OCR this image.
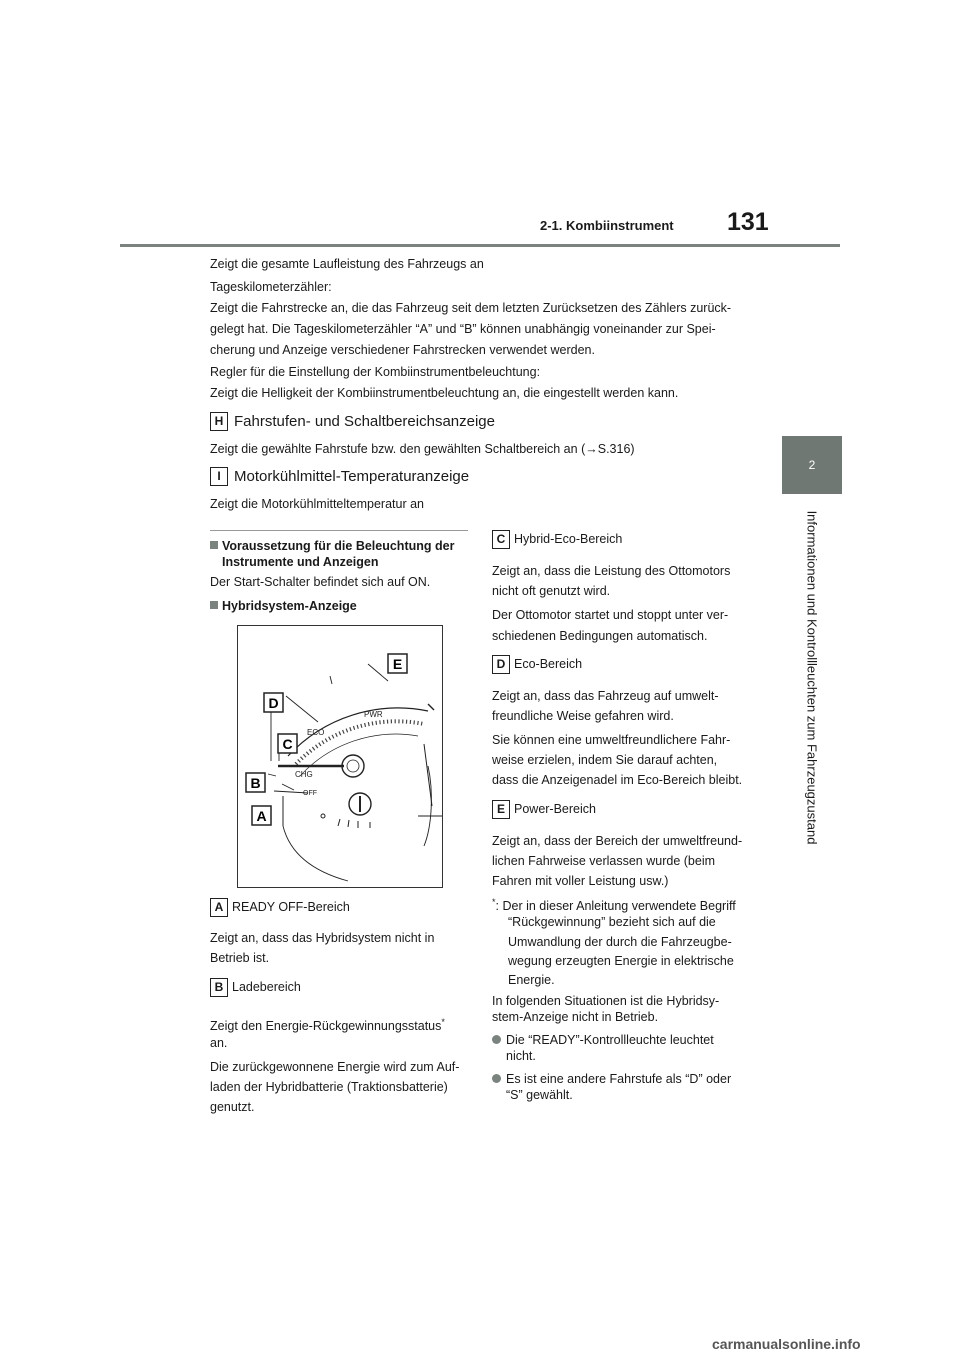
2-1. Kombiinstrument 131
2
Informationen und Kontrollleuchten zum Fahrzeugzustand

Zeigt die gesamte Laufleistung des Fahrzeugs an

Tageskilometerzähler:

Zeigt die Fahrstrecke an, die das Fahrzeug seit dem letzten Zurücksetzen des Zählers zurück-

gelegt hat. Die Tageskilometerzähler “A” und “B” können unabhängig voneinander zur Spei-

cherung und Anzeige verschiedener Fahrstrecken verwendet werden.

Regler für die Einstellung der Kombiinstrumentbeleuchtung:

Zeigt die Helligkeit der Kombiinstrumentbeleuchtung an, die eingestellt werden kann.

H Fahrstufen- und Schaltbereichsanzeige

Zeigt die gewählte Fahrstufe bzw. den gewählten Schaltbereich an (→S.316)

I Motorkühlmittel-Temperaturanzeige

Zeigt die Motorkühlmitteltemperatur an

Voraussetzung für die Beleuchtung der
Instrumente und Anzeigen

Der Start-Schalter befindet sich auf ON.

Hybridsystem-Anzeige
ECO
PWR
CHG
OFF
E
D
C
B
A
A READY OFF-Bereich

Zeigt an, dass das Hybridsystem nicht in

Betrieb ist.

B Ladebereich

Zeigt den Energie-Rückgewinnungsstatus*

an.

Die zurückgewonnene Energie wird zum Auf-

laden der Hybridbatterie (Traktionsbatterie)

genutzt.

C Hybrid-Eco-Bereich

Zeigt an, dass die Leistung des Ottomotors

nicht oft genutzt wird.

Der Ottomotor startet und stoppt unter ver-

schiedenen Bedingungen automatisch.

D Eco-Bereich

Zeigt an, dass das Fahrzeug auf umwelt-

freundliche Weise gefahren wird.

Sie können eine umweltfreundlichere Fahr-

weise erzielen, indem Sie darauf achten,

dass die Anzeigenadel im Eco-Bereich bleibt.

E Power-Bereich

Zeigt an, dass der Bereich der umweltfreund-

lichen Fahrweise verlassen wurde (beim

Fahren mit voller Leistung usw.)

*: Der in dieser Anleitung verwendete Begriff

“Rückgewinnung” bezieht sich auf die

Umwandlung der durch die Fahrzeugbe-

wegung erzeugten Energie in elektrische

Energie.

In folgenden Situationen ist die Hybridsy-

stem-Anzeige nicht in Betrieb.

Die “READY”-Kontrollleuchte leuchtet
nicht.
Es ist eine andere Fahrstufe als “D” oder
“S” gewählt.
carmanualsonline.info
